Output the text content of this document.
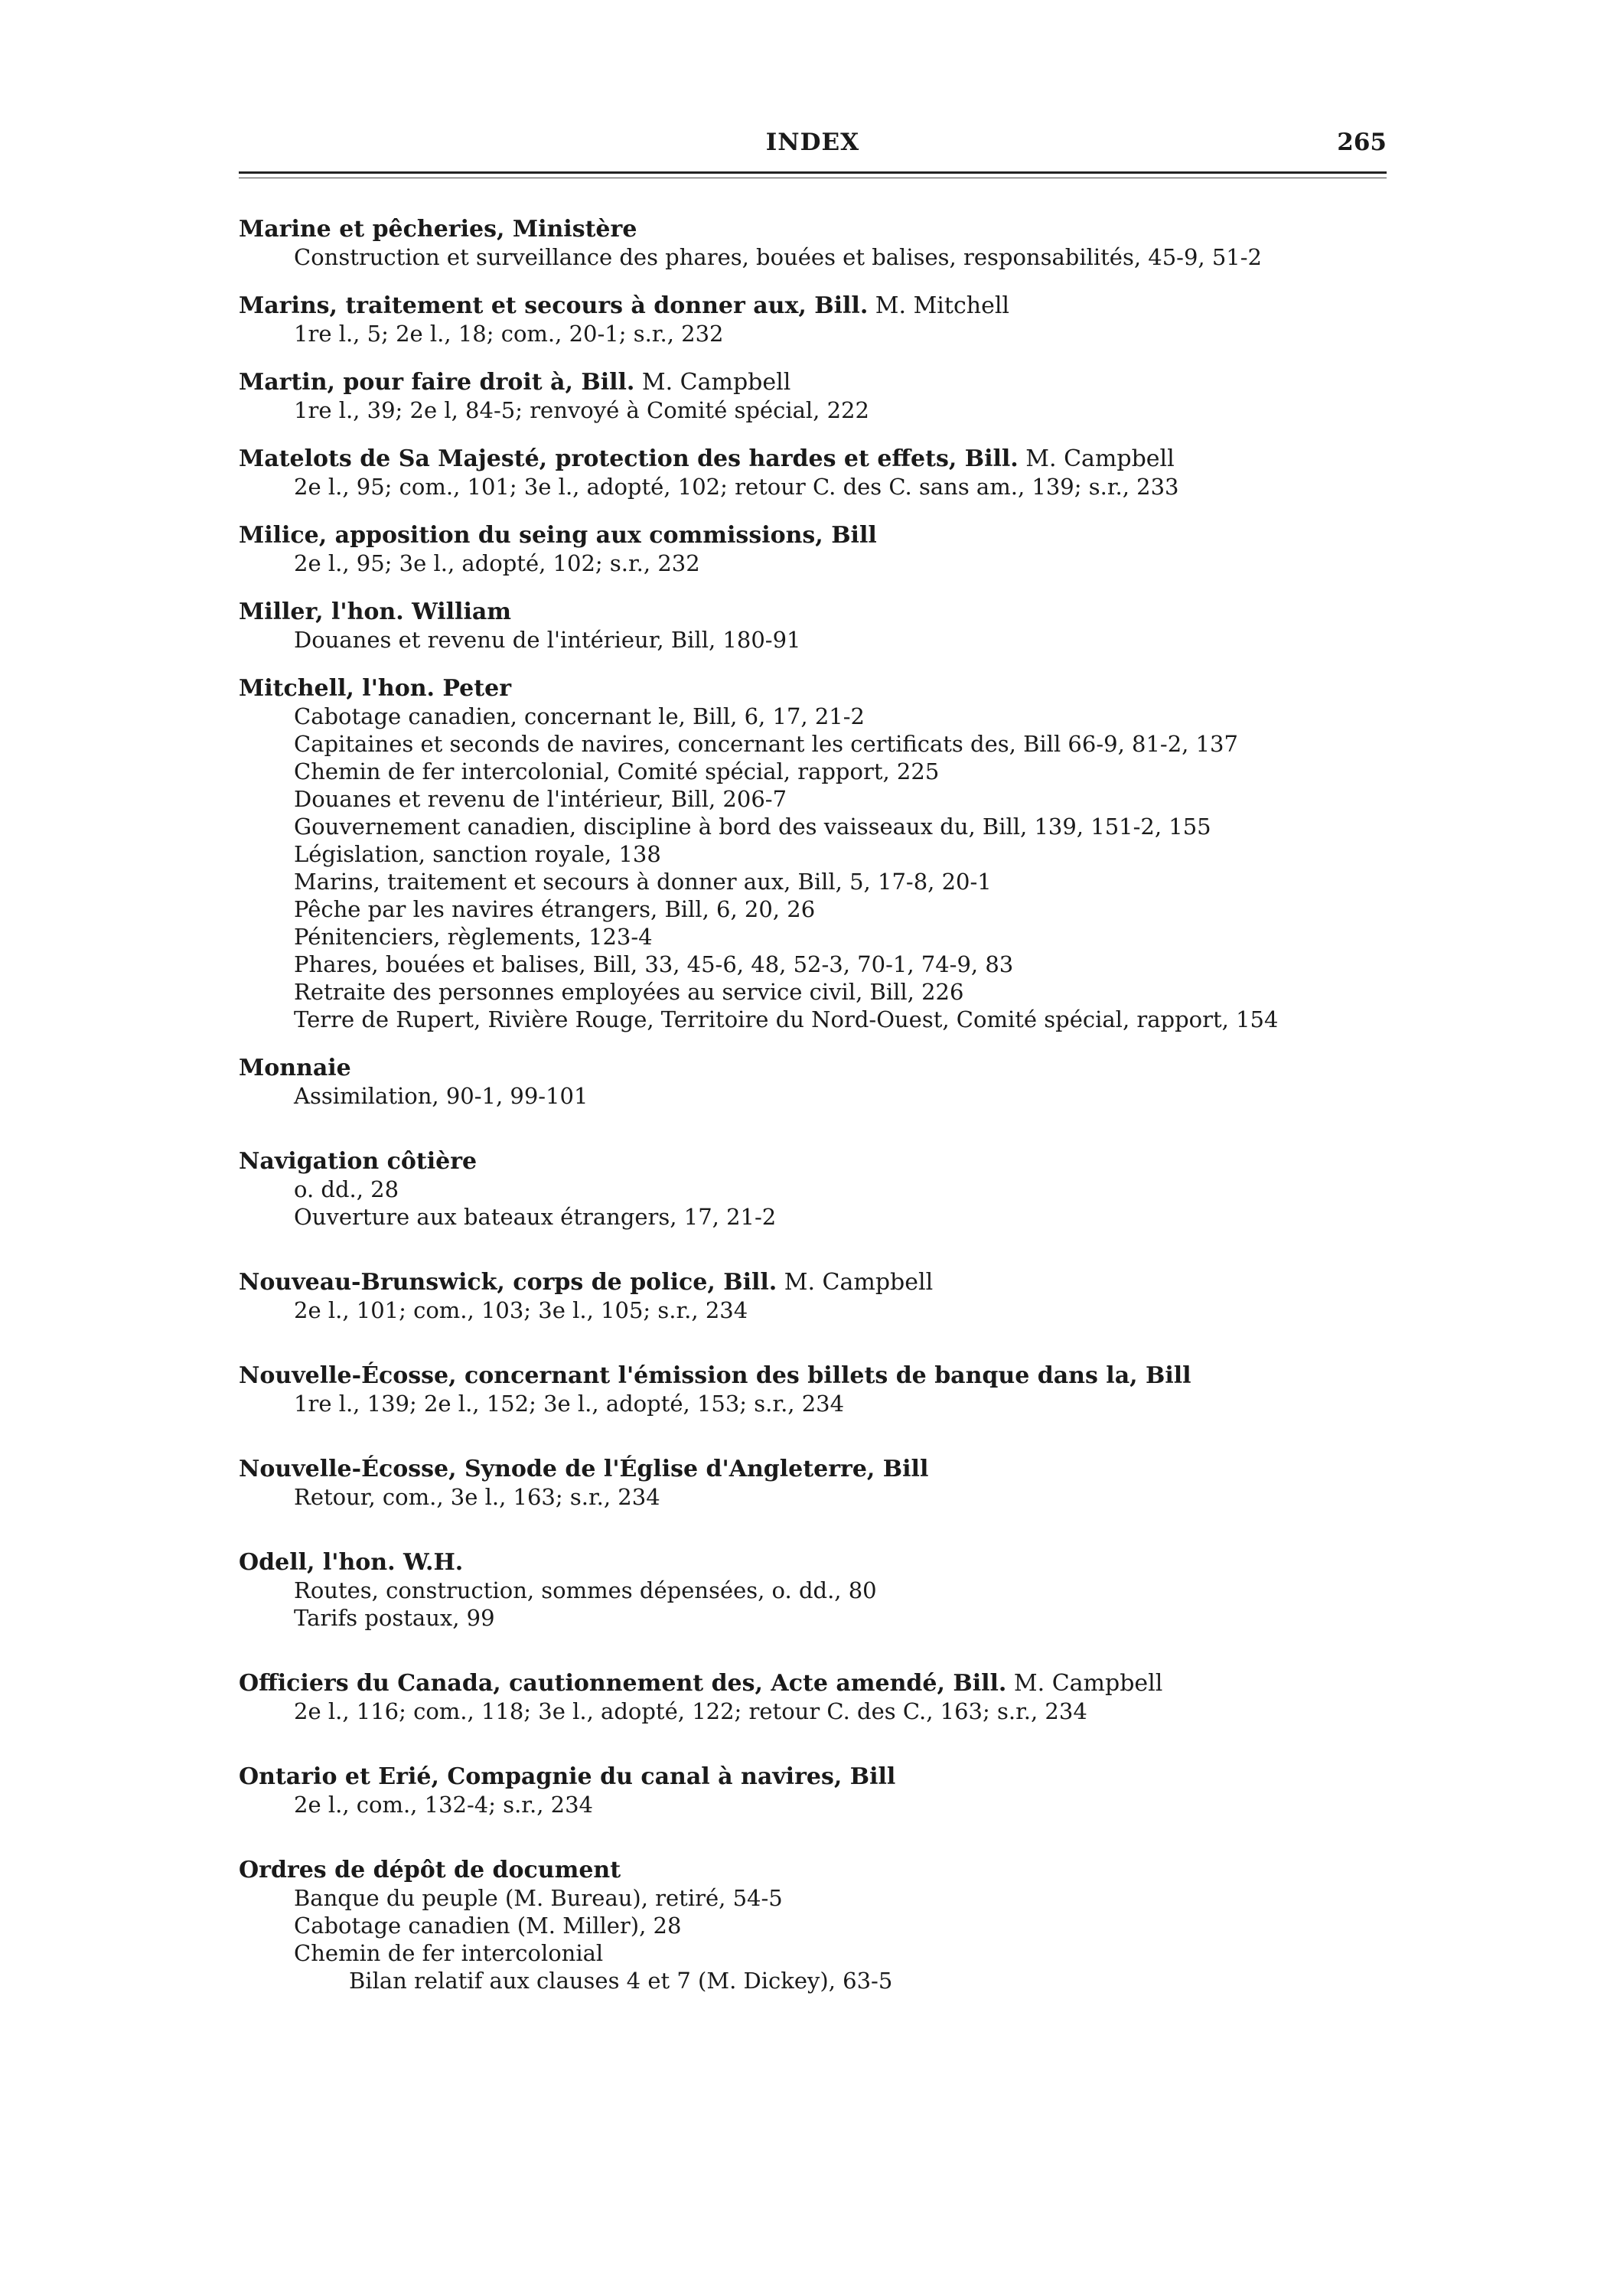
INDEX	265
Marine et pêcheries, Ministère
Construction et surveillance des phares, bouées et balises, responsabilités, 45-9, 51-2
Marins, traitement et secours à donner aux, Bill. M. Mitchell
1re l., 5; 2e l., 18; com., 20-1; s.r., 232
Martin, pour faire droit à, Bill. M. Campbell
1re l., 39; 2e l, 84-5; renvoyé à Comité spécial, 222
Matelots de Sa Majesté, protection des hardes et effets, Bill. M. Campbell
2e l., 95; com., 101; 3e l., adopté, 102; retour C. des C. sans am., 139; s.r., 233
Milice, apposition du seing aux commissions, Bill
2e l., 95; 3e l., adopté, 102; s.r., 232
Miller, l'hon. William
Douanes et revenu de l'intérieur, Bill, 180-91
Mitchell, l'hon. Peter
Cabotage canadien, concernant le, Bill, 6, 17, 21-2
Capitaines et seconds de navires, concernant les certificats des, Bill 66-9, 81-2, 137
Chemin de fer intercolonial, Comité spécial, rapport, 225
Douanes et revenu de l'intérieur, Bill, 206-7
Gouvernement canadien, discipline à bord des vaisseaux du, Bill, 139, 151-2, 155
Législation, sanction royale, 138
Marins, traitement et secours à donner aux, Bill, 5, 17-8, 20-1
Pêche par les navires étrangers, Bill, 6, 20, 26
Pénitenciers, règlements, 123-4
Phares, bouées et balises, Bill, 33, 45-6, 48, 52-3, 70-1, 74-9, 83
Retraite des personnes employées au service civil, Bill, 226
Terre de Rupert, Rivière Rouge, Territoire du Nord-Ouest, Comité spécial, rapport, 154
Monnaie
Assimilation, 90-1, 99-101
Navigation côtière
o. dd., 28
Ouverture aux bateaux étrangers, 17, 21-2
Nouveau-Brunswick, corps de police, Bill. M. Campbell
2e l., 101; com., 103; 3e l., 105; s.r., 234
Nouvelle-Écosse, concernant l'émission des billets de banque dans la, Bill
1re l., 139; 2e l., 152; 3e l., adopté, 153; s.r., 234
Nouvelle-Écosse, Synode de l'Église d'Angleterre, Bill
Retour, com., 3e l., 163; s.r., 234
Odell, l'hon. W.H.
Routes, construction, sommes dépensées, o. dd., 80
Tarifs postaux, 99
Officiers du Canada, cautionnement des, Acte amendé, Bill. M. Campbell
2e l., 116; com., 118; 3e l., adopté, 122; retour C. des C., 163; s.r., 234
Ontario et Erié, Compagnie du canal à navires, Bill
2e l., com., 132-4; s.r., 234
Ordres de dépôt de document
Banque du peuple (M. Bureau), retiré, 54-5
Cabotage canadien (M. Miller), 28
Chemin de fer intercolonial
Bilan relatif aux clauses 4 et 7 (M. Dickey), 63-5
